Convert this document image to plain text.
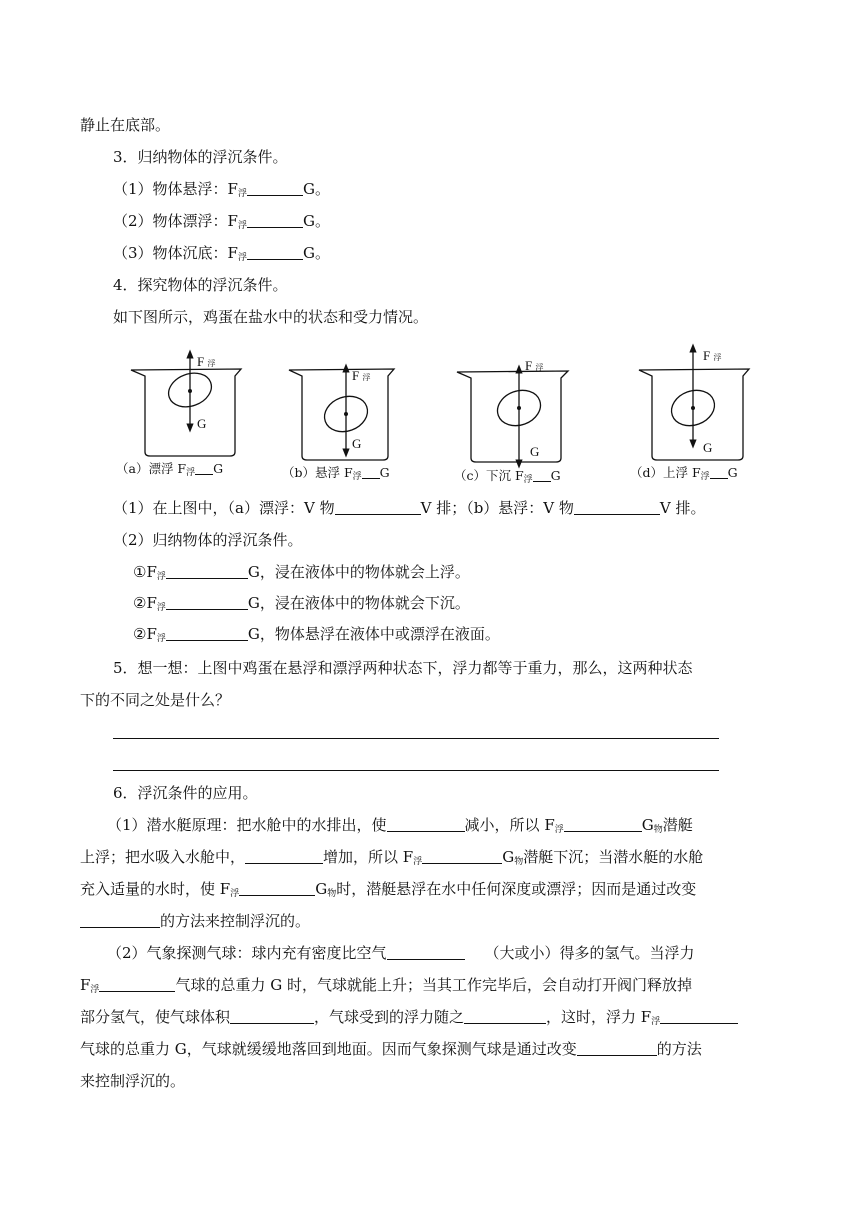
静止在底部。
3．归纳物体的浮沉条件。
（1）物体悬浮：$F_浮$	G。
（2）物体漂浮：$F_浮$	G。
（3）物体沉底：$F_浮$	G。
4．探究物体的浮沉条件。
如下图所示，鸡蛋在盐水中的状态和受力情况。
F 浮
G
F 浮
G
F 浮
G
F 浮
G
（a）漂浮 $F_浮$ G	（b）悬浮 $F_浮$ G	（c）下沉 $F_浮$ G	（d）上浮 $F_浮$ G
（1）在上图中，（a）漂浮：V 物	V 排；（b）悬浮：V 物	V 排。
（2）归纳物体的浮沉条件。
$①F_浮$	G，浸在液体中的物体就会上浮。
$②F_浮$	G，浸在液体中的物体就会下沉。
$②F_浮$	G，物体悬浮在液体中或漂浮在液面。
5．想一想：上图中鸡蛋在悬浮和漂浮两种状态下，浮力都等于重力，那么，这两种状态
下的不同之处是什么？
6．浮沉条件的应用。
（1）潜水艇原理：把水舱中的水排出，使	减小，所以 $F_浮$	$G_物$潜艇
上浮；把水吸入水舱中，	增加，所以 $F_浮$	$G_物$潜艇下沉；当潜水艇的水舱
充入适量的水时，使 $F_浮$	$G_物$时，潜艇悬浮在水中任何深度或漂浮；因而是通过改变
的方法来控制浮沉的。
（2）气象探测气球：球内充有密度比空气	（大或小）得多的氢气。当浮力
$F_浮$	气球的总重力 G 时，气球就能上升；当其工作完毕后，会自动打开阀门释放掉
部分氢气，使气球体积	，气球受到的浮力随之	，这时，浮力 $F_浮$
气球的总重力 G，气球就缓缓地落回到地面。因而气象探测气球是通过改变	的方法
来控制浮沉的。
